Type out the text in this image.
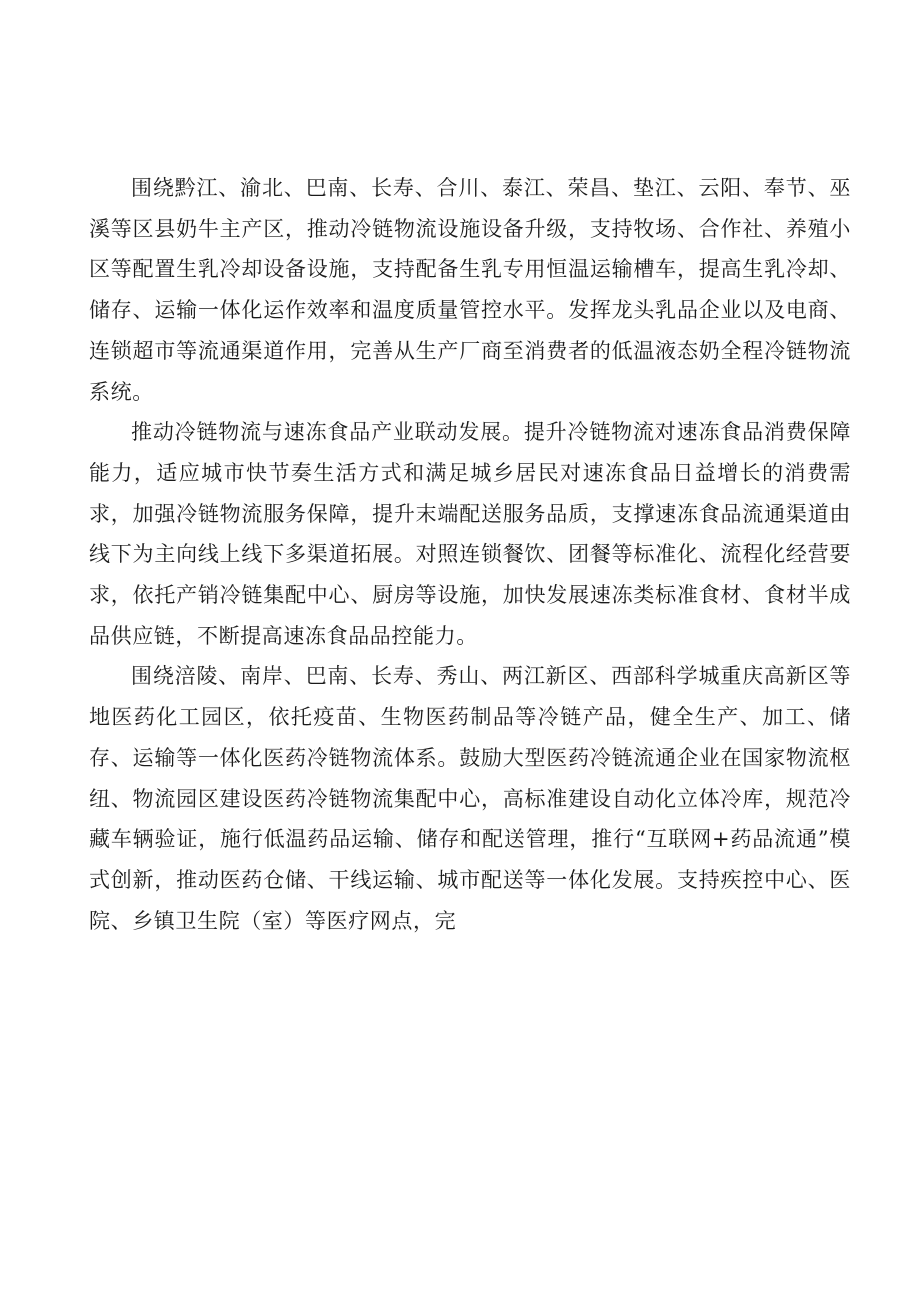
围绕黔江、渝北、巴南、长寿、合川、泰江、荣昌、垫江、云阳、奉节、巫溪等区县奶牛主产区，推动冷链物流设施设备升级，支持牧场、合作社、养殖小区等配置生乳冷却设备设施，支持配备生乳专用恒温运输槽车，提高生乳冷却、储存、运输一体化运作效率和温度质量管控水平。发挥龙头乳品企业以及电商、连锁超市等流通渠道作用，完善从生产厂商至消费者的低温液态奶全程冷链物流系统。

推动冷链物流与速冻食品产业联动发展。提升冷链物流对速冻食品消费保障能力，适应城市快节奏生活方式和满足城乡居民对速冻食品日益增长的消费需求，加强冷链物流服务保障，提升末端配送服务品质，支撑速冻食品流通渠道由线下为主向线上线下多渠道拓展。对照连锁餐饮、团餐等标准化、流程化经营要求，依托产销冷链集配中心、厨房等设施，加快发展速冻类标准食材、食材半成品供应链，不断提高速冻食品品控能力。

围绕涪陵、南岸、巴南、长寿、秀山、两江新区、西部科学城重庆高新区等地医药化工园区，依托疫苗、生物医药制品等冷链产品，健全生产、加工、储存、运输等一体化医药冷链物流体系。鼓励大型医药冷链流通企业在国家物流枢纽、物流园区建设医药冷链物流集配中心，高标准建设自动化立体冷库，规范冷藏车辆验证，施行低温药品运输、储存和配送管理，推行“互联网+药品流通”模式创新，推动医药仓储、干线运输、城市配送等一体化发展。支持疾控中心、医院、乡镇卫生院（室）等医疗网点，完
